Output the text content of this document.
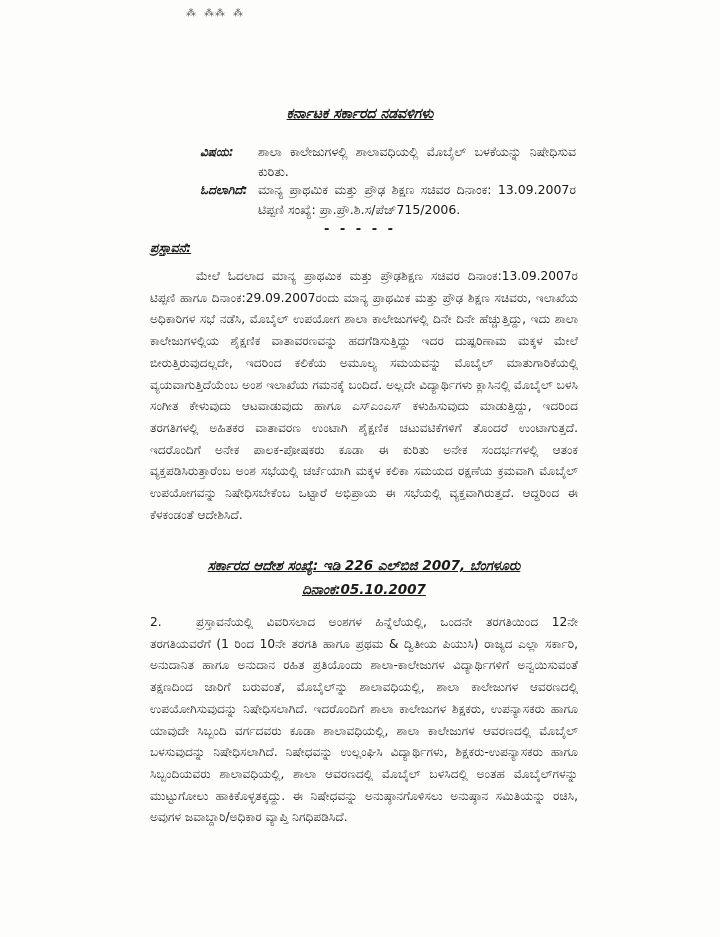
⁂ ⁂⁂ ⁂
ಕರ್ನಾಟಕ ಸರ್ಕಾರದ ನಡವಳಿಗಳು
ವಿಷಯ: ಶಾಲಾ ಕಾಲೇಜುಗಳಲ್ಲಿ ಶಾಲಾವಧಿಯಲ್ಲಿ ಮೊಬೈಲ್ ಬಳಕೆಯನ್ನು ನಿಷೇಧಿಸುವ ಕುರಿತು.
ಓದಲಾಗಿದೆ: ಮಾನ್ಯ ಪ್ರಾಥಮಿಕ ಮತ್ತು ಪ್ರೌಢ ಶಿಕ್ಷಣ ಸಚಿವರ ದಿನಾಂಕ: 13.09.2007ರ ಟಿಪ್ಪಣಿ ಸಂಖ್ಯೆ: ಪ್ರಾ.ಪ್ರೌ.ಶಿ.ಸ/ಪೆಜ್715/2006.
- - - - -
ಪ್ರಸ್ತಾವನೆ:
ಮೇಲೆ ಓದಲಾದ ಮಾನ್ಯ ಪ್ರಾಥಮಿಕ ಮತ್ತು ಪ್ರೌಢಶಿಕ್ಷಣ ಸಚಿವರ ದಿನಾಂಕ:13.09.2007ರ ಟಿಪ್ಪಣಿ ಹಾಗೂ ದಿನಾಂಕ:29.09.2007ರಂದು ಮಾನ್ಯ ಪ್ರಾಥಮಿಕ ಮತ್ತು ಪ್ರೌಢ ಶಿಕ್ಷಣ ಸಚಿವರು, ಇಲಾಖೆಯ ಅಧಿಕಾರಿಗಳ ಸಭೆ ನಡೆಸಿ, ಮೊಬೈಲ್ ಉಪಯೋಗ ಶಾಲಾ ಕಾಲೇಜುಗಳಲ್ಲಿ ದಿನೇ ದಿನೇ ಹೆಚ್ಚುತ್ತಿದ್ದು, ಇದು ಶಾಲಾ ಕಾಲೇಜುಗಳಲ್ಲಿಯ ಶೈಕ್ಷಣಿಕ ವಾತಾವರಣವನ್ನು ಹದಗೆಡಿಸುತ್ತಿದ್ದು ಇದರ ದುಷ್ಪರಿಣಾಮ ಮಕ್ಕಳ ಮೇಲೆ ಬೀರುತ್ತಿರುವುದಲ್ಲದೇ, ಇದರಿಂದ ಕಲಿಕೆಯ ಅಮೂಲ್ಯ ಸಮಯವನ್ನು ಮೊಬೈಲ್ ಮಾತುಗಾರಿಕೆಯಲ್ಲಿ ವ್ಯಯವಾಗುತ್ತಿದೆಯೆಂಬ ಅಂಶ ಇಲಾಖೆಯ ಗಮನಕ್ಕೆ ಬಂದಿದೆ. ಅಲ್ಲದೇ ವಿದ್ಯಾರ್ಥಿಗಳು ಕ್ಲಾಸಿನಲ್ಲಿ ಮೊಬೈಲ್ ಬಳಸಿ ಸಂಗೀತ ಕೇಳುವುದು ಆಟವಾಡುವುದು ಹಾಗೂ ಎಸ್‌ಎಂಎಸ್ ಕಳುಹಿಸುವುದು ಮಾಡುತ್ತಿದ್ದು, ಇದರಿಂದ ತರಗತಿಗಳಲ್ಲಿ ಅಹಿತಕರ ವಾತಾವರಣ ಉಂಟಾಗಿ ಶೈಕ್ಷಣಿಕ ಚಟುವಟಿಕೆಗಳಿಗೆ ತೊಂದರೆ ಉಂಟಾಗುತ್ತದೆ. ಇದರೊಂದಿಗೆ ಅನೇಕ ಪಾಲಕ-ಪೋಷಕರು ಕೂಡಾ ಈ ಕುರಿತು ಅನೇಕ ಸಂದರ್ಭಗಳಲ್ಲಿ ಆತಂಕ ವ್ಯಕ್ತಪಡಿಸಿರುತ್ತಾರೆಂಬ ಅಂಶ ಸಭೆಯಲ್ಲಿ ಚರ್ಚೆಯಾಗಿ ಮಕ್ಕಳ ಕಲಿಕಾ ಸಮಯದ ರಕ್ಷಣೆಯ ಕ್ರಮವಾಗಿ ಮೊಬೈಲ್ ಉಪಯೋಗವನ್ನು ನಿಷೇಧಿಸಬೇಕೆಂಬ ಒಟ್ಟಾರೆ ಅಭಿಪ್ರಾಯ ಈ ಸಭೆಯಲ್ಲಿ ವ್ಯಕ್ತವಾಗಿರುತ್ತದೆ. ಆದ್ದರಿಂದ ಈ ಕೆಳಕಂಡಂತೆ ಆದೇಶಿಸಿದೆ.
ಸರ್ಕಾರದ ಆದೇಶ ಸಂಖ್ಯೆ: ಇಡಿ 226 ಎಲ್‌ಬಿಜಿ 2007, ಬೆಂಗಳೂರು
ದಿನಾಂಕ:05.10.2007
2.	ಪ್ರಸ್ತಾವನೆಯಲ್ಲಿ ವಿವರಿಸಲಾದ ಅಂಶಗಳ ಹಿನ್ನೆಲೆಯಲ್ಲಿ, ಒಂದನೇ ತರಗತಿಯಿಂದ 12ನೇ ತರಗತಿಯವರೆಗೆ (1 ರಿಂದ 10ನೇ ತರಗತಿ ಹಾಗೂ ಪ್ರಥಮ & ದ್ವಿತೀಯ ಪಿಯುಸಿ) ರಾಜ್ಯದ ಎಲ್ಲಾ ಸರ್ಕಾರಿ, ಅನುದಾನಿತ ಹಾಗೂ ಅನುದಾನ ರಹಿತ ಪ್ರತಿಯೊಂದು ಶಾಲಾ-ಕಾಲೇಜುಗಳ ವಿದ್ಯಾರ್ಥಿಗಳಿಗೆ ಅನ್ವಯಿಸುವಂತೆ ತಕ್ಷಣದಿಂದ ಜಾರಿಗೆ ಬರುವಂತೆ, ಮೊಬೈಲ್‌ನ್ನು ಶಾಲಾವಧಿಯಲ್ಲಿ, ಶಾಲಾ ಕಾಲೇಜುಗಳ ಆವರಣದಲ್ಲಿ ಉಪಯೋಗಿಸುವುದನ್ನು ನಿಷೇಧಿಸಲಾಗಿದೆ. ಇದರೊಂದಿಗೆ ಶಾಲಾ ಕಾಲೇಜುಗಳ ಶಿಕ್ಷಕರು, ಉಪನ್ಯಾಸಕರು ಹಾಗೂ ಯಾವುದೇ ಸಿಬ್ಬಂದಿ ವರ್ಗದವರು ಕೂಡಾ ಶಾಲಾವಧಿಯಲ್ಲಿ, ಶಾಲಾ ಕಾಲೇಜುಗಳ ಆವರಣದಲ್ಲಿ ಮೊಬೈಲ್ ಬಳಸುವುದನ್ನು ನಿಷೇಧಿಸಲಾಗಿದೆ. ನಿಷೇಧವನ್ನು ಉಲ್ಲಂಘಿಸಿ ವಿದ್ಯಾರ್ಥಿಗಳು, ಶಿಕ್ಷಕರು-ಉಪನ್ಯಾಸಕರು ಹಾಗೂ ಸಿಬ್ಬಂದಿಯವರು ಶಾಲಾವಧಿಯಲ್ಲಿ, ಶಾಲಾ ಆವರಣದಲ್ಲಿ ಮೊಬೈಲ್ ಬಳಸಿದಲ್ಲಿ ಅಂತಹ ಮೊಬೈಲ್‌ಗಳನ್ನು ಮುಟ್ಟುಗೋಲು ಹಾಕಿಕೊಳ್ಳತಕ್ಕದ್ದು. ಈ ನಿಷೇಧವನ್ನು ಅನುಷ್ಠಾನಗೊಳಿಸಲು ಅನುಷ್ಠಾನ ಸಮಿತಿಯನ್ನು ರಚಿಸಿ, ಅವುಗಳ ಜವಾಬ್ದಾರಿ/ಅಧಿಕಾರ ವ್ಯಾಪ್ತಿ ನಿಗಧಿಪಡಿಸಿದೆ.
